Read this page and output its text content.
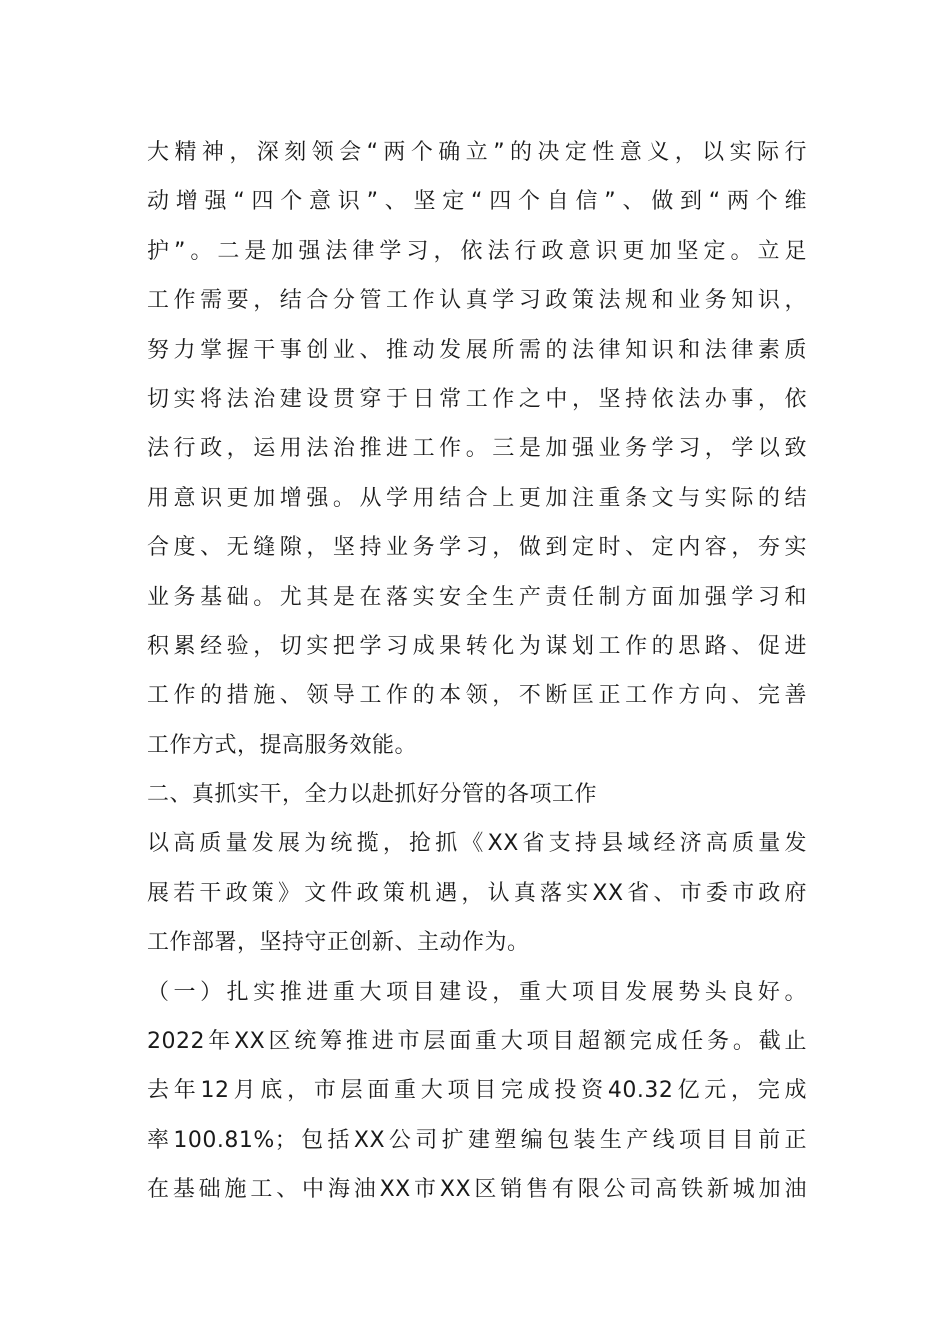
大精神，深刻领会“两个确立”的决定性意义，以实际行
动增强“四个意识”、坚定“四个自信”、做到“两个维
护”。二是加强法律学习，依法行政意识更加坚定。立足
工作需要，结合分管工作认真学习政策法规和业务知识，
努力掌握干事创业、推动发展所需的法律知识和法律素质
切实将法治建设贯穿于日常工作之中，坚持依法办事，依
法行政，运用法治推进工作。三是加强业务学习，学以致
用意识更加增强。从学用结合上更加注重条文与实际的结
合度、无缝隙，坚持业务学习，做到定时、定内容，夯实
业务基础。尤其是在落实安全生产责任制方面加强学习和
积累经验，切实把学习成果转化为谋划工作的思路、促进
工作的措施、领导工作的本领，不断匡正工作方向、完善
工作方式，提高服务效能。
二、真抓实干，全力以赴抓好分管的各项工作
以高质量发展为统揽，抢抓《XX省支持县域经济高质量发
展若干政策》文件政策机遇，认真落实XX省、市委市政府
工作部署，坚持守正创新、主动作为。
（一）扎实推进重大项目建设，重大项目发展势头良好。
2022年XX区统筹推进市层面重大项目超额完成任务。截止
去年12月底，市层面重大项目完成投资40.32亿元，完成
率100.81%；包括XX公司扩建塑编包装生产线项目目前正
在基础施工、中海油XX市XX区销售有限公司高铁新城加油
